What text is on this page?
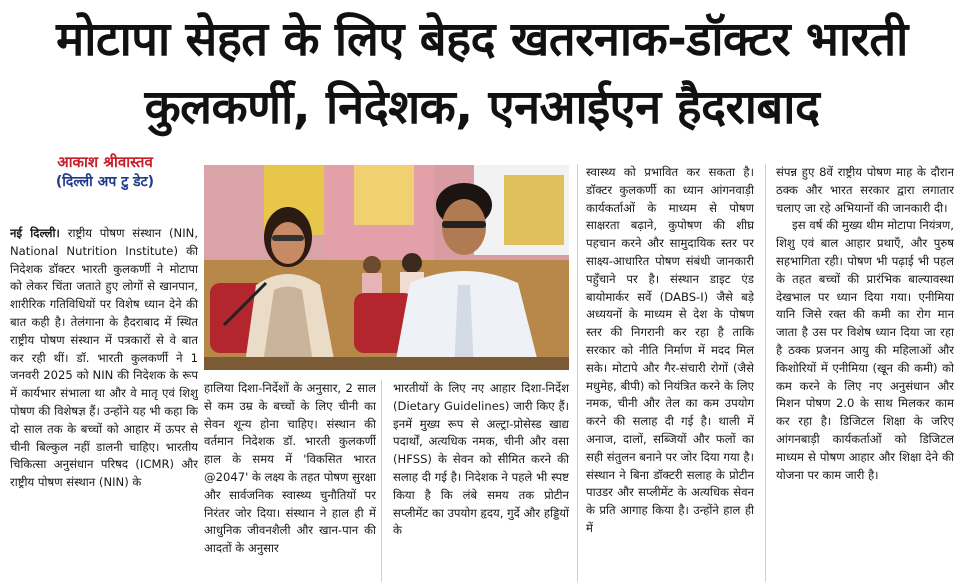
मोटापा सेहत के लिए बेहद खतरनाक-डॉक्टर भारती
कुलकर्णी, निदेशक, एनआईएन हैदराबाद
आकाश श्रीवास्तव
(दिल्ली अप टु डेट)

नई दिल्ली। राष्ट्रीय पोषण संस्थान (NIN, National Nutrition Institute) की निदेशक डॉक्टर भारती कुलकर्णी ने मोटापा को लेकर चिंता जताते हुए लोगों से खानपान, शारीरिक गतिविधियों पर विशेष ध्यान देने की बात कही है। तेलंगाना के हैदराबाद में स्थित राष्ट्रीय पोषण संस्थान में पत्रकारों से वे बात कर रही थीं। डॉ. भारती कुलकर्णी ने 1 जनवरी 2025 को NIN की निदेशक के रूप में कार्यभार संभाला था और वे मातृ एवं शिशु पोषण की विशेषज्ञ हैं। उन्होंने यह भी कहा कि दो साल तक के बच्चों को आहार में ऊपर से चीनी बिल्कुल नहीं डालनी चाहिए। भारतीय चिकित्सा अनुसंधान परिषद (ICMR) और राष्ट्रीय पोषण संस्थान (NIN) के

हालिया दिशा-निर्देशों के अनुसार, 2 साल से कम उम्र के बच्चों के लिए चीनी का सेवन शून्य होना चाहिए। संस्थान की वर्तमान निदेशक डॉ. भारती कुलकर्णी हाल के समय में 'विकसित भारत @2047' के लक्ष्य के तहत पोषण सुरक्षा और सार्वजनिक स्वास्थ्य चुनौतियों पर निरंतर जोर दिया। संस्थान ने हाल ही में आधुनिक जीवनशैली और खान-पान की आदतों के अनुसार

भारतीयों के लिए नए आहार दिशा-निर्देश (Dietary Guidelines) जारी किए हैं। इनमें मुख्य रूप से अल्ट्रा-प्रोसेस्ड खाद्य पदार्थों, अत्यधिक नमक, चीनी और वसा (HFSS) के सेवन को सीमित करने की सलाह दी गई है। निदेशक ने पहले भी स्पष्ट किया है कि लंबे समय तक प्रोटीन सप्लीमेंट का उपयोग हृदय, गुर्दे और हड्डियों के

स्वास्थ्य को प्रभावित कर सकता है। डॉक्टर कुलकर्णी का ध्यान आंगनवाड़ी कार्यकर्ताओं के माध्यम से पोषण साक्षरता बढ़ाने, कुपोषण की शीघ्र पहचान करने और सामुदायिक स्तर पर साक्ष्य-आधारित पोषण संबंधी जानकारी पहुँचाने पर है। संस्थान डाइट एंड बायोमार्कर सर्वे (DABS-I) जैसे बड़े अध्ययनों के माध्यम से देश के पोषण स्तर की निगरानी कर रहा है ताकि सरकार को नीति निर्माण में मदद मिल सके। मोटापे और गैर-संचारी रोगों (जैसे मधुमेह, बीपी) को नियंत्रित करने के लिए नमक, चीनी और तेल का कम उपयोग करने की सलाह दी गई है। थाली में अनाज, दालों, सब्जियों और फलों का सही संतुलन बनाने पर जोर दिया गया है। संस्थान ने बिना डॉक्टरी सलाह के प्रोटीन पाउडर और सप्लीमेंट के अत्यधिक सेवन के प्रति आगाह किया है। उन्होंने हाल ही में

संपन्न हुए 8वें राष्ट्रीय पोषण माह के दौरान ठक्क और भारत सरकार द्वारा लगातार चलाए जा रहे अभियानों की जानकारी दी।

इस वर्ष की मुख्य थीम मोटापा नियंत्रण, शिशु एवं बाल आहार प्रथाएँ, और पुरुष सहभागिता रही। पोषण भी पढ़ाई भी पहल के तहत बच्चों की प्रारंभिक बाल्यावस्था देखभाल पर ध्यान दिया गया। एनीमिया यानि जिसे रक्त की कमी का रोग मान जाता है उस पर विशेष ध्यान दिया जा रहा है ठक्क प्रजनन आयु की महिलाओं और किशोरियों में एनीमिया (खून की कमी) को कम करने के लिए नए अनुसंधान और मिशन पोषण 2.0 के साथ मिलकर काम कर रहा है। डिजिटल शिक्षा के जरिए आंगनबाड़ी कार्यकर्ताओं को डिजिटल माध्यम से पोषण आहार और शिक्षा देने की योजना पर काम जारी है।
